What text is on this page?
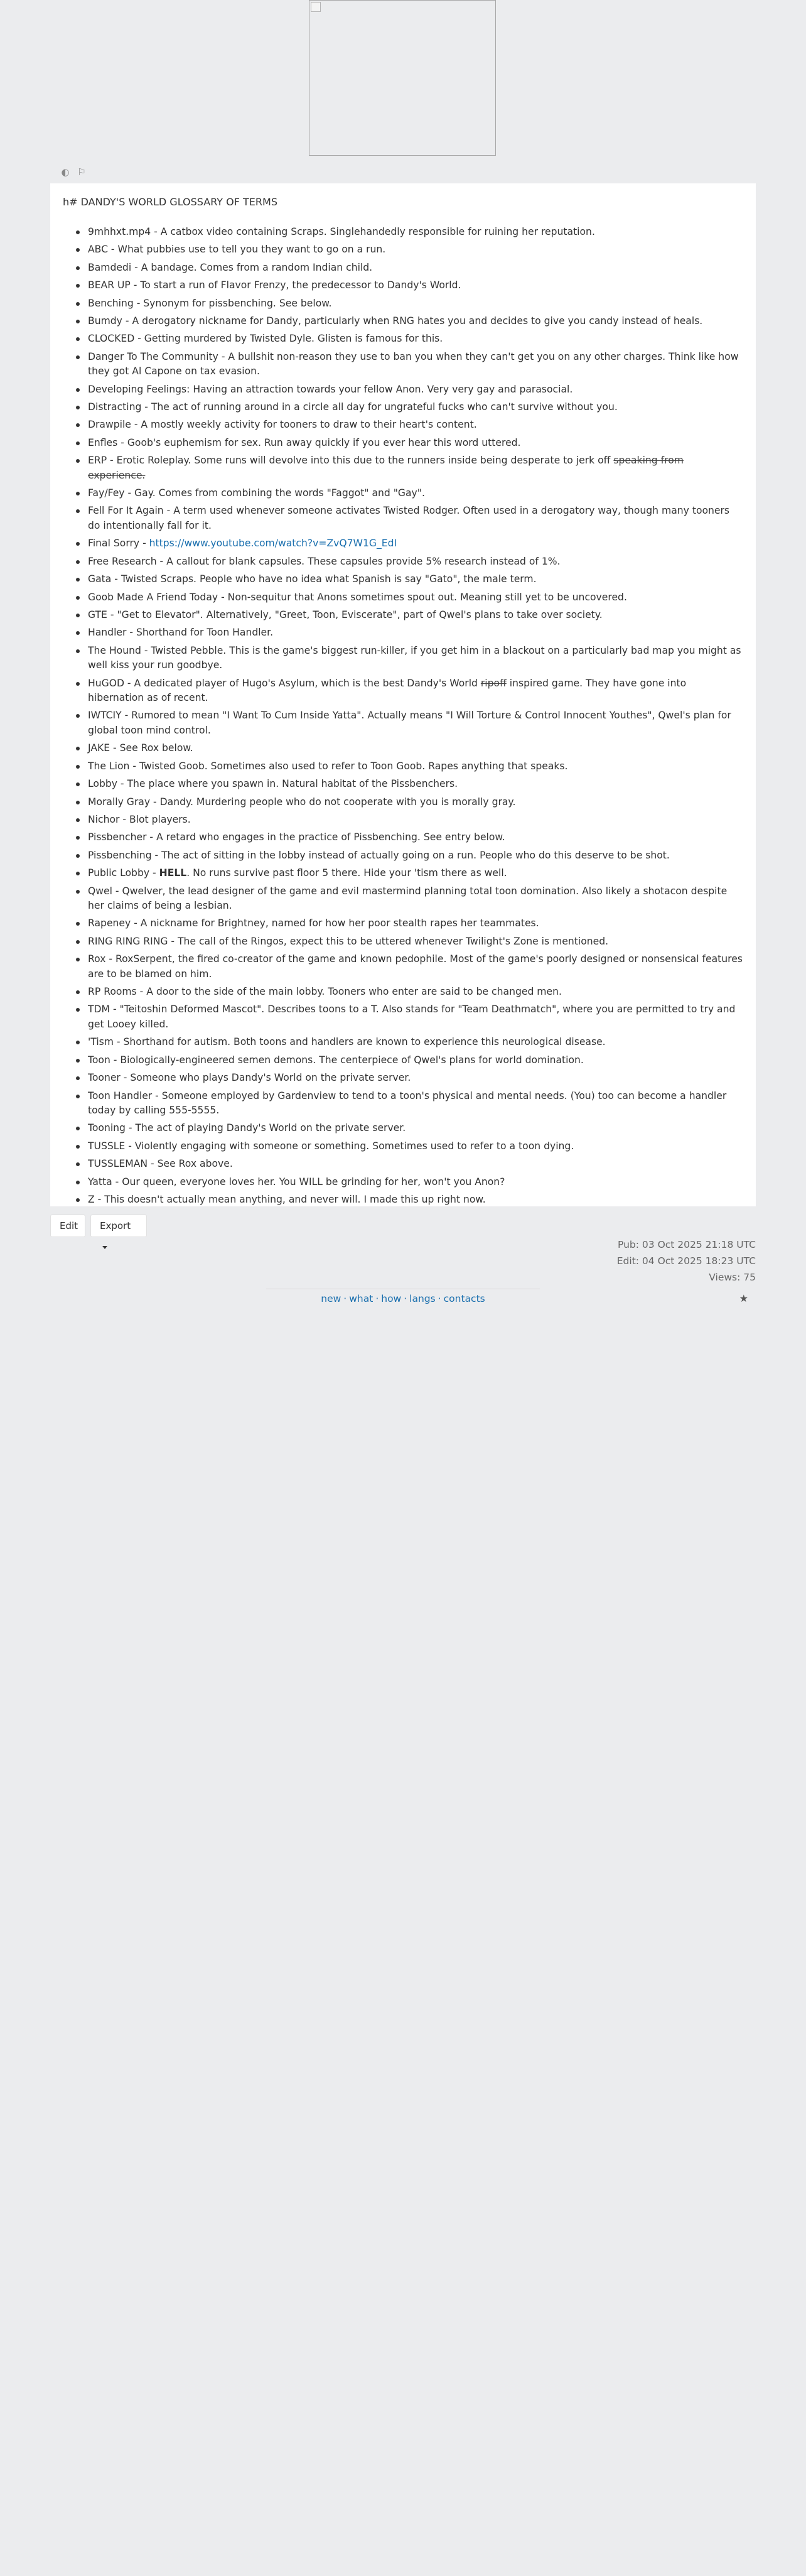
◐ ⚐
h# DANDY'S WORLD GLOSSARY OF TERMS
9mhhxt.mp4 - A catbox video containing Scraps. Singlehandedly responsible for ruining her reputation.
ABC - What pubbies use to tell you they want to go on a run.
Bamdedi - A bandage. Comes from a random Indian child.
BEAR UP - To start a run of Flavor Frenzy, the predecessor to Dandy's World.
Benching - Synonym for pissbenching. See below.
Bumdy - A derogatory nickname for Dandy, particularly when RNG hates you and decides to give you candy instead of heals.
CLOCKED - Getting murdered by Twisted Dyle. Glisten is famous for this.
Danger To The Community - A bullshit non-reason they use to ban you when they can't get you on any other charges. Think like how they got Al Capone on tax evasion.
Developing Feelings: Having an attraction towards your fellow Anon. Very very gay and parasocial.
Distracting - The act of running around in a circle all day for ungrateful fucks who can't survive without you.
Drawpile - A mostly weekly activity for tooners to draw to their heart's content.
Enfles - Goob's euphemism for sex. Run away quickly if you ever hear this word uttered.
ERP - Erotic Roleplay. Some runs will devolve into this due to the runners inside being desperate to jerk off speaking from experience.
Fay/Fey - Gay. Comes from combining the words "Faggot" and "Gay".
Fell For It Again - A term used whenever someone activates Twisted Rodger. Often used in a derogatory way, though many tooners do intentionally fall for it.
Final Sorry - https://www.youtube.com/watch?v=ZvQ7W1G_EdI
Free Research - A callout for blank capsules. These capsules provide 5% research instead of 1%.
Gata - Twisted Scraps. People who have no idea what Spanish is say "Gato", the male term.
Goob Made A Friend Today - Non-sequitur that Anons sometimes spout out. Meaning still yet to be uncovered.
GTE - "Get to Elevator". Alternatively, "Greet, Toon, Eviscerate", part of Qwel's plans to take over society.
Handler - Shorthand for Toon Handler.
The Hound - Twisted Pebble. This is the game's biggest run-killer, if you get him in a blackout on a particularly bad map you might as well kiss your run goodbye.
HuGOD - A dedicated player of Hugo's Asylum, which is the best Dandy's World ripoff inspired game. They have gone into hibernation as of recent.
IWTCIY - Rumored to mean "I Want To Cum Inside Yatta". Actually means "I Will Torture & Control Innocent Youthes", Qwel's plan for global toon mind control.
JAKE - See Rox below.
The Lion - Twisted Goob. Sometimes also used to refer to Toon Goob. Rapes anything that speaks.
Lobby - The place where you spawn in. Natural habitat of the Pissbenchers.
Morally Gray - Dandy. Murdering people who do not cooperate with you is morally gray.
Nichor - Blot players.
Pissbencher - A retard who engages in the practice of Pissbenching. See entry below.
Pissbenching - The act of sitting in the lobby instead of actually going on a run. People who do this deserve to be shot.
Public Lobby - HELL. No runs survive past floor 5 there. Hide your 'tism there as well.
Qwel - Qwelver, the lead designer of the game and evil mastermind planning total toon domination. Also likely a shotacon despite her claims of being a lesbian.
Rapeney - A nickname for Brightney, named for how her poor stealth rapes her teammates.
RING RING RING - The call of the Ringos, expect this to be uttered whenever Twilight's Zone is mentioned.
Rox - RoxSerpent, the fired co-creator of the game and known pedophile. Most of the game's poorly designed or nonsensical features are to be blamed on him.
RP Rooms - A door to the side of the main lobby. Tooners who enter are said to be changed men.
TDM - "Teitoshin Deformed Mascot". Describes toons to a T. Also stands for "Team Deathmatch", where you are permitted to try and get Looey killed.
'Tism - Shorthand for autism. Both toons and handlers are known to experience this neurological disease.
Toon - Biologically-engineered semen demons. The centerpiece of Qwel's plans for world domination.
Tooner - Someone who plays Dandy's World on the private server.
Toon Handler - Someone employed by Gardenview to tend to a toon's physical and mental needs. (You) too can become a handler today by calling 555-5555.
Tooning - The act of playing Dandy's World on the private server.
TUSSLE - Violently engaging with someone or something. Sometimes used to refer to a toon dying.
TUSSLEMAN - See Rox above.
Yatta - Our queen, everyone loves her. You WILL be grinding for her, won't you Anon?
Z - This doesn't actually mean anything, and never will. I made this up right now.
Edit	Export
Pub: 03 Oct 2025 21:18 UTC
Edit: 04 Oct 2025 18:23 UTC
Views: 75
new · what · how · langs · contacts	★
